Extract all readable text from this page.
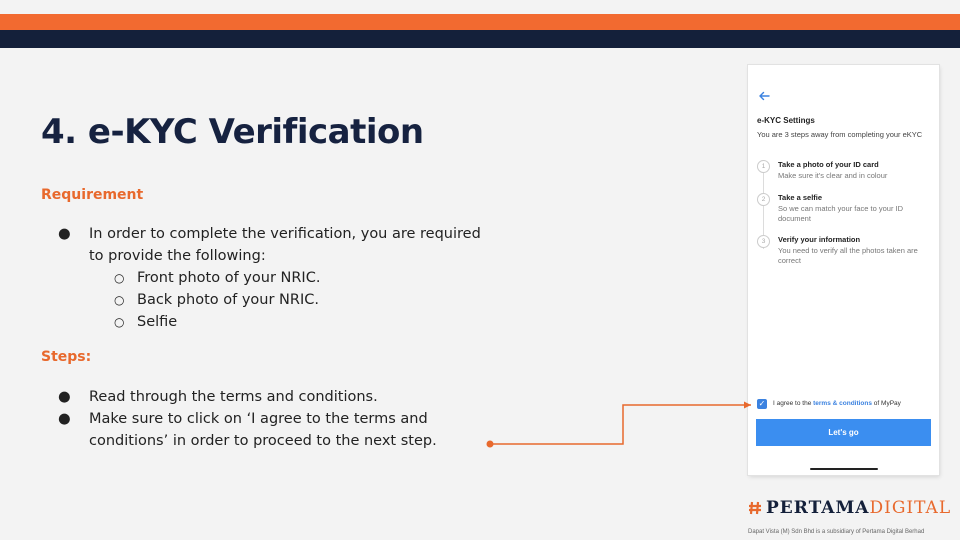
4. e-KYC Verification
Requirement
● In order to complete the verification, you are required to provide the following:
○ Front photo of your NRIC.
○ Back photo of your NRIC.
○ Selfie
Steps:
● Read through the terms and conditions.
● Make sure to click on ‘I agree to the terms and conditions’ in order to proceed to the next step.
e-KYC Settings
You are 3 steps away from completing your eKYC
1	Take a photo of your ID card
Make sure it's clear and in colour
2	Take a selfie
So we can match your face to your ID document
3	Verify your information
You need to verify all the photos taken are correct
✓ I agree to the terms & conditions of MyPay
Let's go
PERTAMADIGITAL
Dapat Vista (M) Sdn Bhd is a subsidiary of Pertama Digital Berhad
